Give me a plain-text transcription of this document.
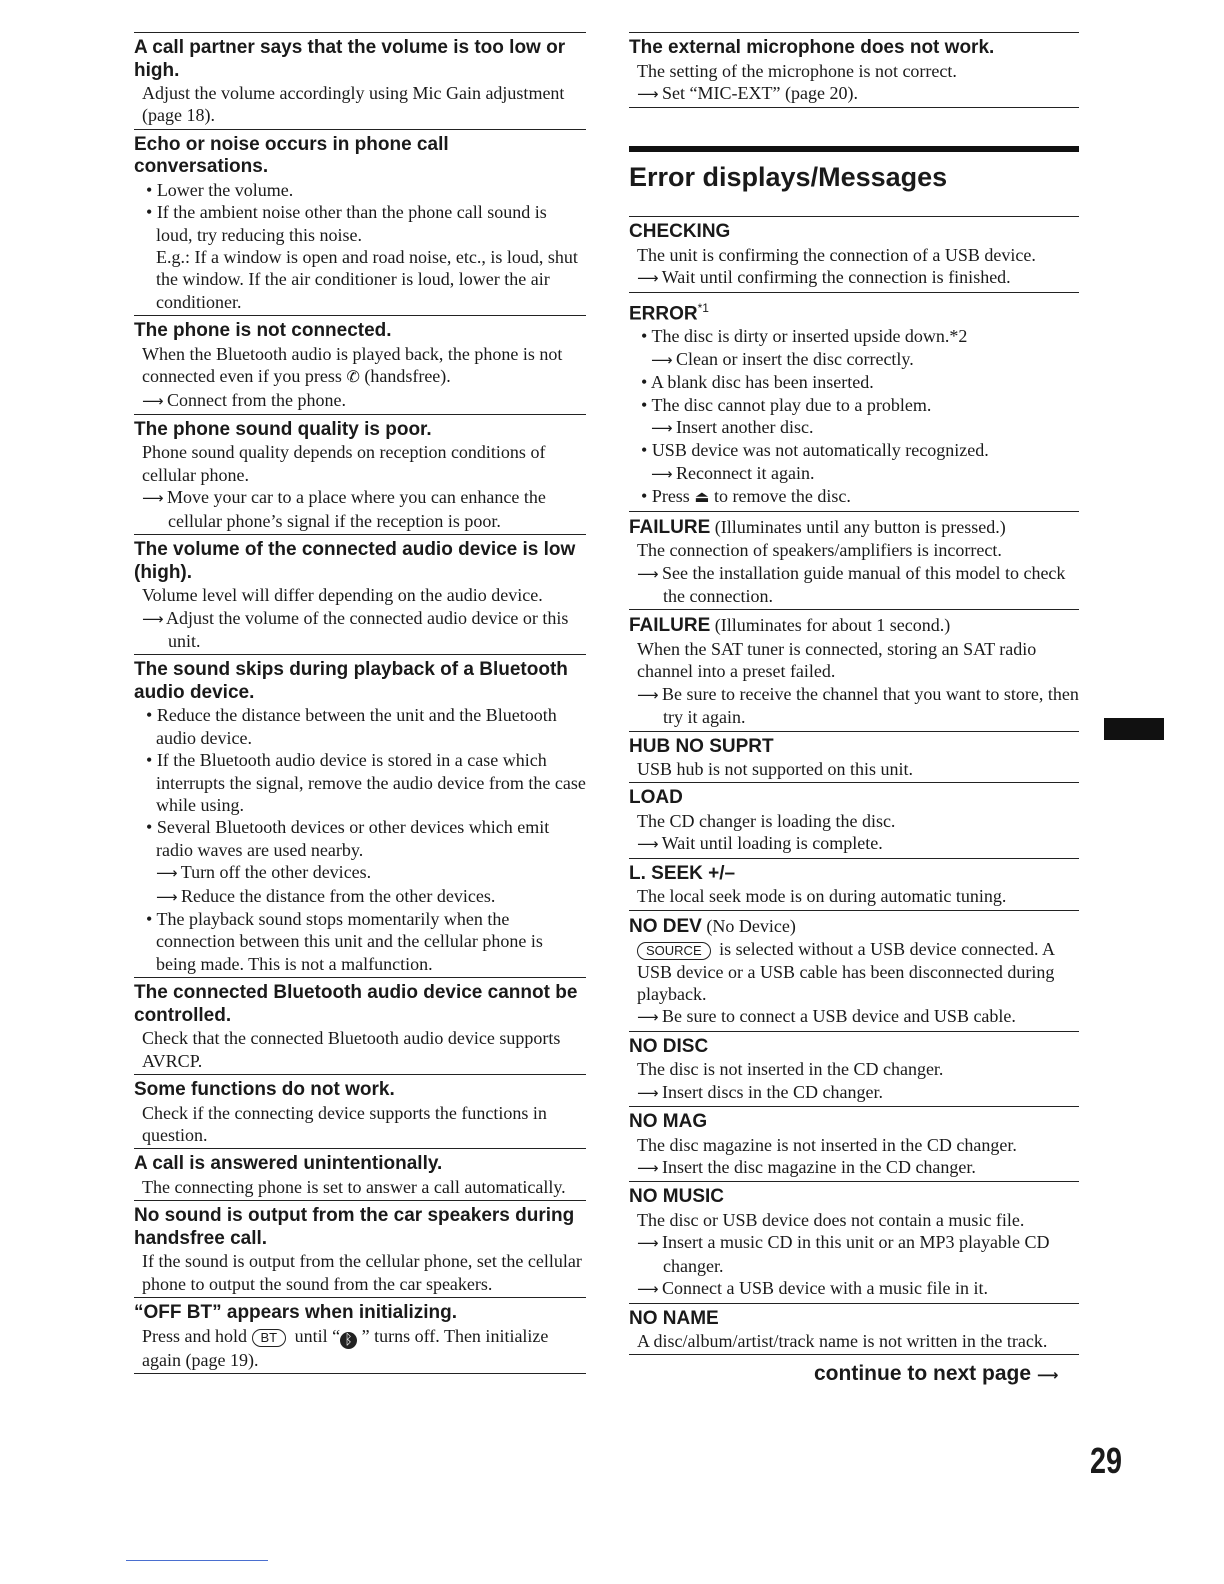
A call partner says that the volume is too low or high.

Adjust the volume accordingly using Mic Gain adjustment (page 18).

Echo or noise occurs in phone call conversations.

• Lower the volume.

• If the ambient noise other than the phone call sound is loud, try reducing this noise.

E.g.: If a window is open and road noise, etc., is loud, shut the window. If the air conditioner is loud, lower the air conditioner.

The phone is not connected.

When the Bluetooth audio is played back, the phone is not connected even if you press ✆ (handsfree).

⟶ Connect from the phone.

The phone sound quality is poor.

Phone sound quality depends on reception conditions of cellular phone.

⟶ Move your car to a place where you can enhance the cellular phone’s signal if the reception is poor.

The volume of the connected audio device is low (high).

Volume level will differ depending on the audio device.

⟶ Adjust the volume of the connected audio device or this unit.

The sound skips during playback of a Bluetooth audio device.

• Reduce the distance between the unit and the Bluetooth audio device.

• If the Bluetooth audio device is stored in a case which interrupts the signal, remove the audio device from the case while using.

• Several Bluetooth devices or other devices which emit radio waves are used nearby.

⟶ Turn off the other devices.

⟶ Reduce the distance from the other devices.

• The playback sound stops momentarily when the connection between this unit and the cellular phone is being made. This is not a malfunction.

The connected Bluetooth audio device cannot be controlled.

Check that the connected Bluetooth audio device supports AVRCP.

Some functions do not work.

Check if the connecting device supports the functions in question.

A call is answered unintentionally.

The connecting phone is set to answer a call automatically.

No sound is output from the car speakers during handsfree call.

If the sound is output from the cellular phone, set the cellular phone to output the sound from the car speakers.

“OFF BT” appears when initializing.

Press and hold BT until “ ᛒ ” turns off. Then initialize again (page 19).

The external microphone does not work.

The setting of the microphone is not correct.

⟶ Set “MIC-EXT” (page 20).

Error displays/Messages
CHECKING

The unit is confirming the connection of a USB device.

⟶ Wait until confirming the connection is finished.

ERROR$^{*1}$

• The disc is dirty or inserted upside down.*2

⟶ Clean or insert the disc correctly.

• A blank disc has been inserted.

• The disc cannot play due to a problem.

⟶ Insert another disc.

• USB device was not automatically recognized.

⟶ Reconnect it again.

• Press ⏏ to remove the disc.

FAILURE (Illuminates until any button is pressed.)

The connection of speakers/amplifiers is incorrect.

⟶ See the installation guide manual of this model to check the connection.

FAILURE (Illuminates for about 1 second.)

When the SAT tuner is connected, storing an SAT radio channel into a preset failed.

⟶ Be sure to receive the channel that you want to store, then try it again.

HUB NO SUPRT

USB hub is not supported on this unit.

LOAD

The CD changer is loading the disc.

⟶ Wait until loading is complete.

L. SEEK +/–

The local seek mode is on during automatic tuning.

NO DEV (No Device)

SOURCE is selected without a USB device connected. A USB device or a USB cable has been disconnected during playback.

⟶ Be sure to connect a USB device and USB cable.

NO DISC

The disc is not inserted in the CD changer.

⟶ Insert discs in the CD changer.

NO MAG

The disc magazine is not inserted in the CD changer.

⟶ Insert the disc magazine in the CD changer.

NO MUSIC

The disc or USB device does not contain a music file.

⟶ Insert a music CD in this unit or an MP3 playable CD changer.

⟶ Connect a USB device with a music file in it.

NO NAME

A disc/album/artist/track name is not written in the track.

continue to next page ⟶
29
